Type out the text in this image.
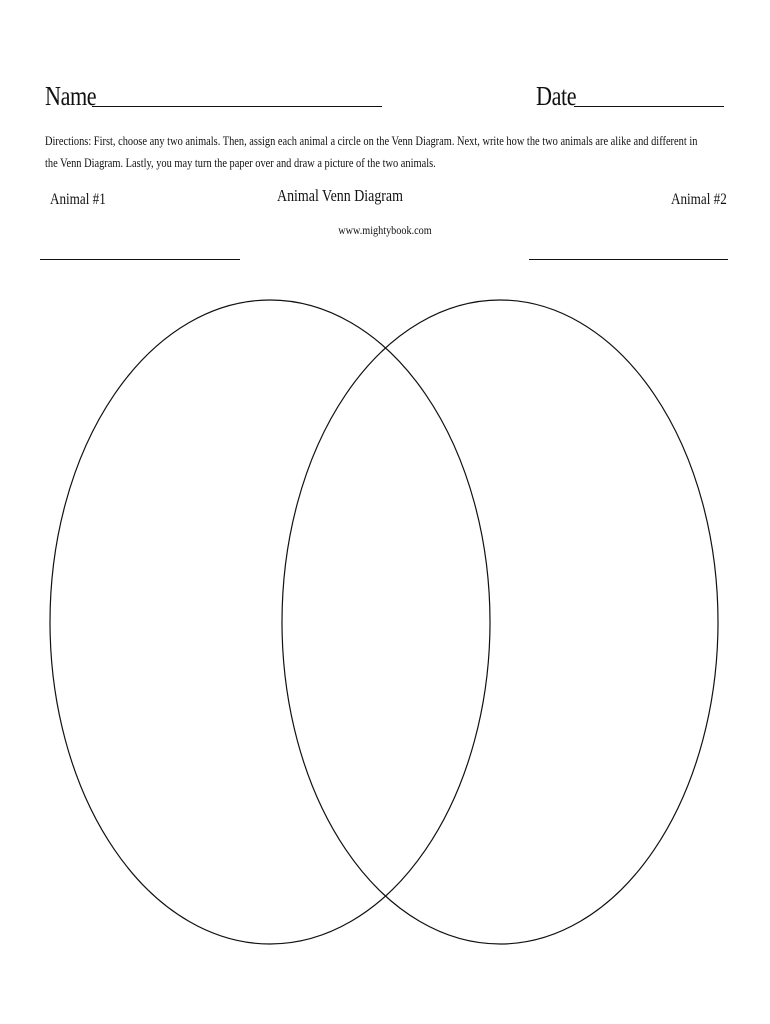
Name	Date

Directions: First, choose any two animals. Then, assign each animal a circle on the Venn Diagram. Next, write how the two animals are alike and different in the Venn Diagram. Lastly, you may turn the paper over and draw a picture of the two animals.

Animal #1	Animal Venn Diagram	Animal #2
www.mightybook.com
